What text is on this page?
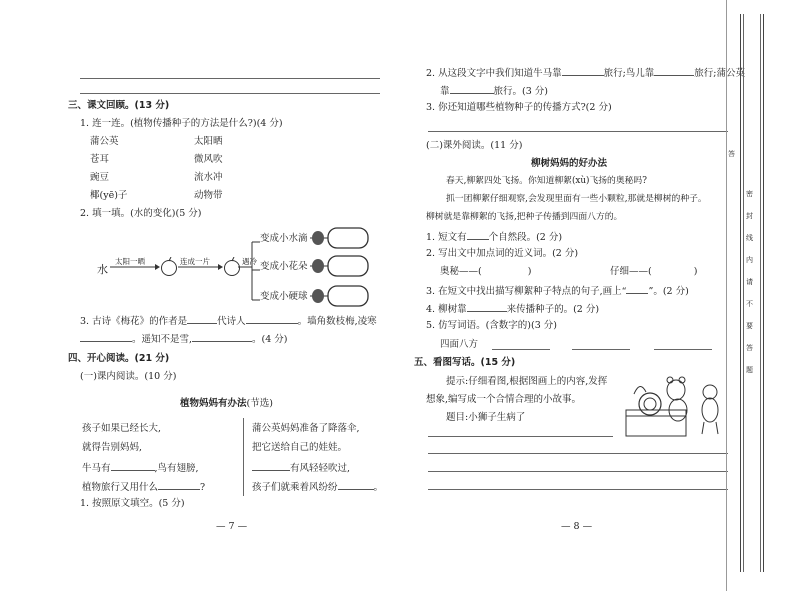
三、课文回顾。(13 分)
1. 连一连。(植物传播种子的方法是什么?)(4 分)
蒲公英
苍耳
豌豆
椰(yē)子
太阳晒
微风吹
流水冲
动物带
2. 填一填。(水的变化)(5 分)
水
太阳一晒	连成一片	遇冷
变成小水滴
变成小花朵
变成小硬球
3. 古诗《梅花》的作者是	代诗人	。墙角数枝梅,凌寒
。遥知不是雪,	。(4 分)
四、开心阅读。(21 分)
(一)课内阅读。(10 分)
植物妈妈有办法(节选)
孩子如果已经长大,
就得告别妈妈,
牛马有	,鸟有翅膀,
植物旅行又用什么	?
蒲公英妈妈准备了降落伞,
把它送给自己的娃娃。
有风轻轻吹过,
孩子们就乘着风纷纷	。
1. 按照原文填空。(5 分)
— 7 —
2. 从这段文字中我们知道牛马靠	旅行;鸟儿靠	旅行;蒲公英
靠	旅行。(3 分)
3. 你还知道哪些植物种子的传播方式?(2 分)
(二)课外阅读。(11 分)
柳树妈妈的好办法
春天,柳絮四处飞扬。你知道柳絮(xù)飞扬的奥秘吗?
抓一团柳絮仔细观察,会发现里面有一些小颗粒,那就是柳树的种子。
柳树就是靠柳絮的飞扬,把种子传播到四面八方的。
1. 短文有 个自然段。(2 分)
2. 写出文中加点词的近义词。(2 分)
奥秘——(	)	仔细——(	)
3. 在短文中找出描写柳絮种子特点的句子,画上“ ”。(2 分)
4. 柳树靠	来传播种子的。(2 分)
5. 仿写词语。(含数字的)(3 分)
四面八方
五、看图写话。(15 分)
提示:仔细看图,根据图画上的内容,发挥
想象,编写成一个合情合理的小故事。
题目:小狮子生病了
— 8 —
答
密
封
线
内
请
不
要
答
题
